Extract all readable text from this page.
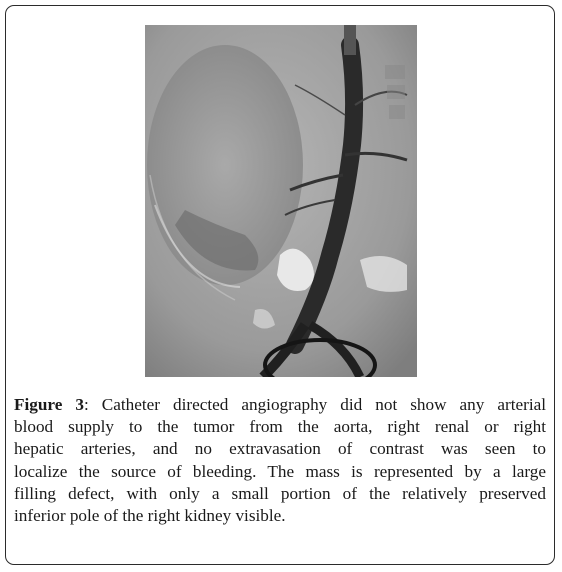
Figure 3: Catheter directed angiography did not show any arterial
blood supply to the tumor from the aorta, right renal or right
hepatic arteries, and no extravasation of contrast was seen to
localize the source of bleeding. The mass is represented by a large
filling defect, with only a small portion of the relatively preserved
inferior pole of the right kidney visible.
